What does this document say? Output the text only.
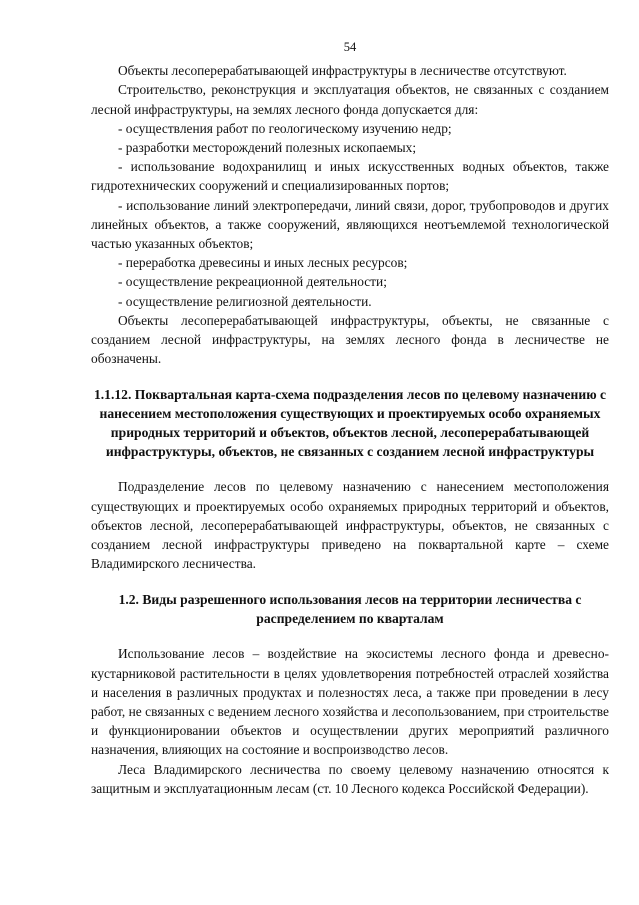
54

Объекты лесоперерабатывающей инфраструктуры в лесничестве отсутствуют.

Строительство, реконструкция и эксплуатация объектов, не связанных с созданием лесной инфраструктуры, на землях лесного фонда допускается для:

- осуществления работ по геологическому изучению недр;

- разработки месторождений полезных ископаемых;

- использование водохранилищ и иных искусственных водных объектов, также гидротехнических сооружений и специализированных портов;

- использование линий электропередачи, линий связи, дорог, трубопроводов и других линейных объектов, а также сооружений, являющихся неотъемлемой технологической частью указанных объектов;

- переработка древесины и иных лесных ресурсов;

- осуществление рекреационной деятельности;

- осуществление религиозной деятельности.

Объекты лесоперерабатывающей инфраструктуры, объекты, не связанные с созданием лесной инфраструктуры, на землях лесного фонда в лесничестве не обозначены.

1.1.12. Поквартальная карта-схема подразделения лесов по целевому назначению с нанесением местоположения существующих и проектируемых особо охраняемых природных территорий и объектов, объектов лесной, лесоперерабатывающей инфраструктуры, объектов, не связанных с созданием лесной инфраструктуры

Подразделение лесов по целевому назначению с нанесением местоположения существующих и проектируемых особо охраняемых природных территорий и объектов, объектов лесной, лесоперерабатывающей инфраструктуры, объектов, не связанных с созданием лесной инфраструктуры приведено на поквартальной карте – схеме Владимирского лесничества.

1.2. Виды разрешенного использования лесов на территории лесничества с распределением по кварталам

Использование лесов – воздействие на экосистемы лесного фонда и древесно-кустарниковой растительности в целях удовлетворения потребностей отраслей хозяйства и населения в различных продуктах и полезностях леса, а также при проведении в лесу работ, не связанных с ведением лесного хозяйства и лесопользованием, при строительстве и функционировании объектов и осуществлении других мероприятий различного назначения, влияющих на состояние и воспроизводство лесов.

Леса Владимирского лесничества по своему целевому назначению относятся к защитным и эксплуатационным лесам (ст. 10 Лесного кодекса Российской Федерации).
